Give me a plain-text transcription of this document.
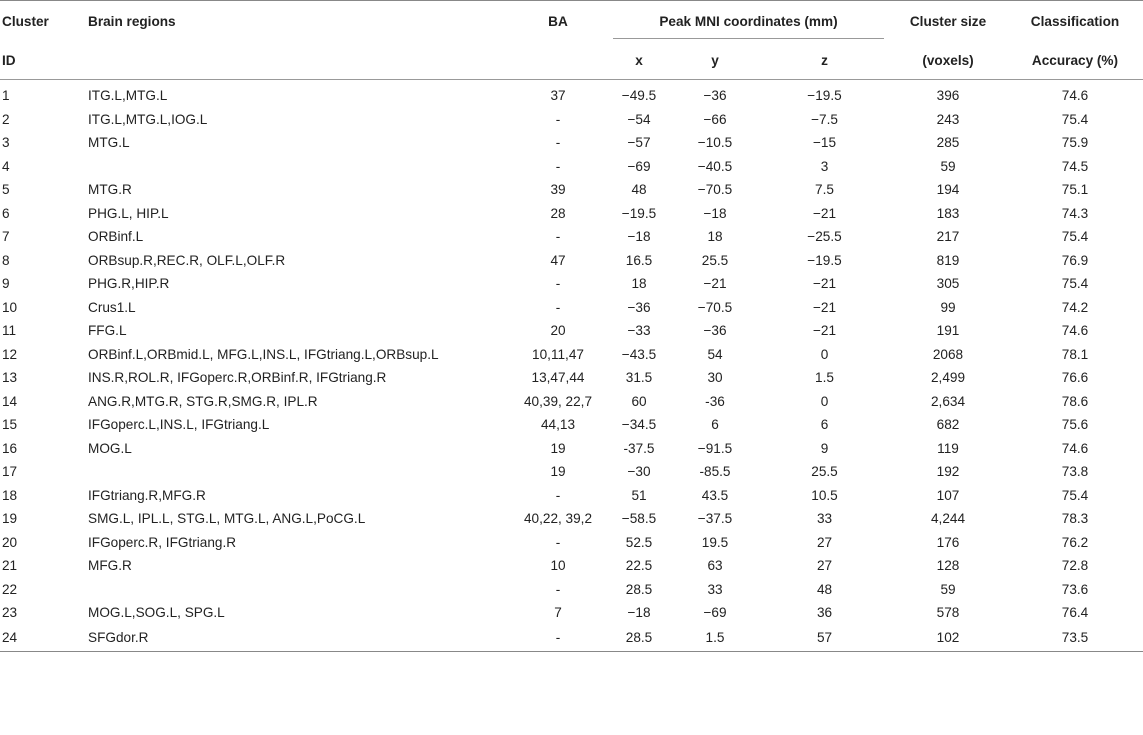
Cluster	Brain regions	BA	Peak MNI coordinates (mm)			Cluster size	Classification
ID			x	y	z	(voxels)	Accuracy (%)
1	ITG.L,MTG.L	37	−49.5	−36	−19.5	396	74.6
2	ITG.L,MTG.L,IOG.L	-	−54	−66	−7.5	243	75.4
3	MTG.L	-	−57	−10.5	−15	285	75.9
4		-	−69	−40.5	3	59	74.5
5	MTG.R	39	48	−70.5	7.5	194	75.1
6	PHG.L, HIP.L	28	−19.5	−18	−21	183	74.3
7	ORBinf.L	-	−18	18	−25.5	217	75.4
8	ORBsup.R,REC.R, OLF.L,OLF.R	47	16.5	25.5	−19.5	819	76.9
9	PHG.R,HIP.R	-	18	−21	−21	305	75.4
10	Crus1.L	-	−36	−70.5	−21	99	74.2
11	FFG.L	20	−33	−36	−21	191	74.6
12	ORBinf.L,ORBmid.L, MFG.L,INS.L, IFGtriang.L,ORBsup.L	10,11,47	−43.5	54	0	2068	78.1
13	INS.R,ROL.R, IFGoperc.R,ORBinf.R, IFGtriang.R	13,47,44	31.5	30	1.5	2,499	76.6
14	ANG.R,MTG.R, STG.R,SMG.R, IPL.R	40,39, 22,7	60	-36	0	2,634	78.6
15	IFGoperc.L,INS.L, IFGtriang.L	44,13	−34.5	6	6	682	75.6
16	MOG.L	19	-37.5	−91.5	9	119	74.6
17		19	−30	-85.5	25.5	192	73.8
18	IFGtriang.R,MFG.R	-	51	43.5	10.5	107	75.4
19	SMG.L, IPL.L, STG.L, MTG.L, ANG.L,PoCG.L	40,22, 39,2	−58.5	−37.5	33	4,244	78.3
20	IFGoperc.R, IFGtriang.R	-	52.5	19.5	27	176	76.2
21	MFG.R	10	22.5	63	27	128	72.8
22		-	28.5	33	48	59	73.6
23	MOG.L,SOG.L, SPG.L	7	−18	−69	36	578	76.4
24	SFGdor.R	-	28.5	1.5	57	102	73.5
